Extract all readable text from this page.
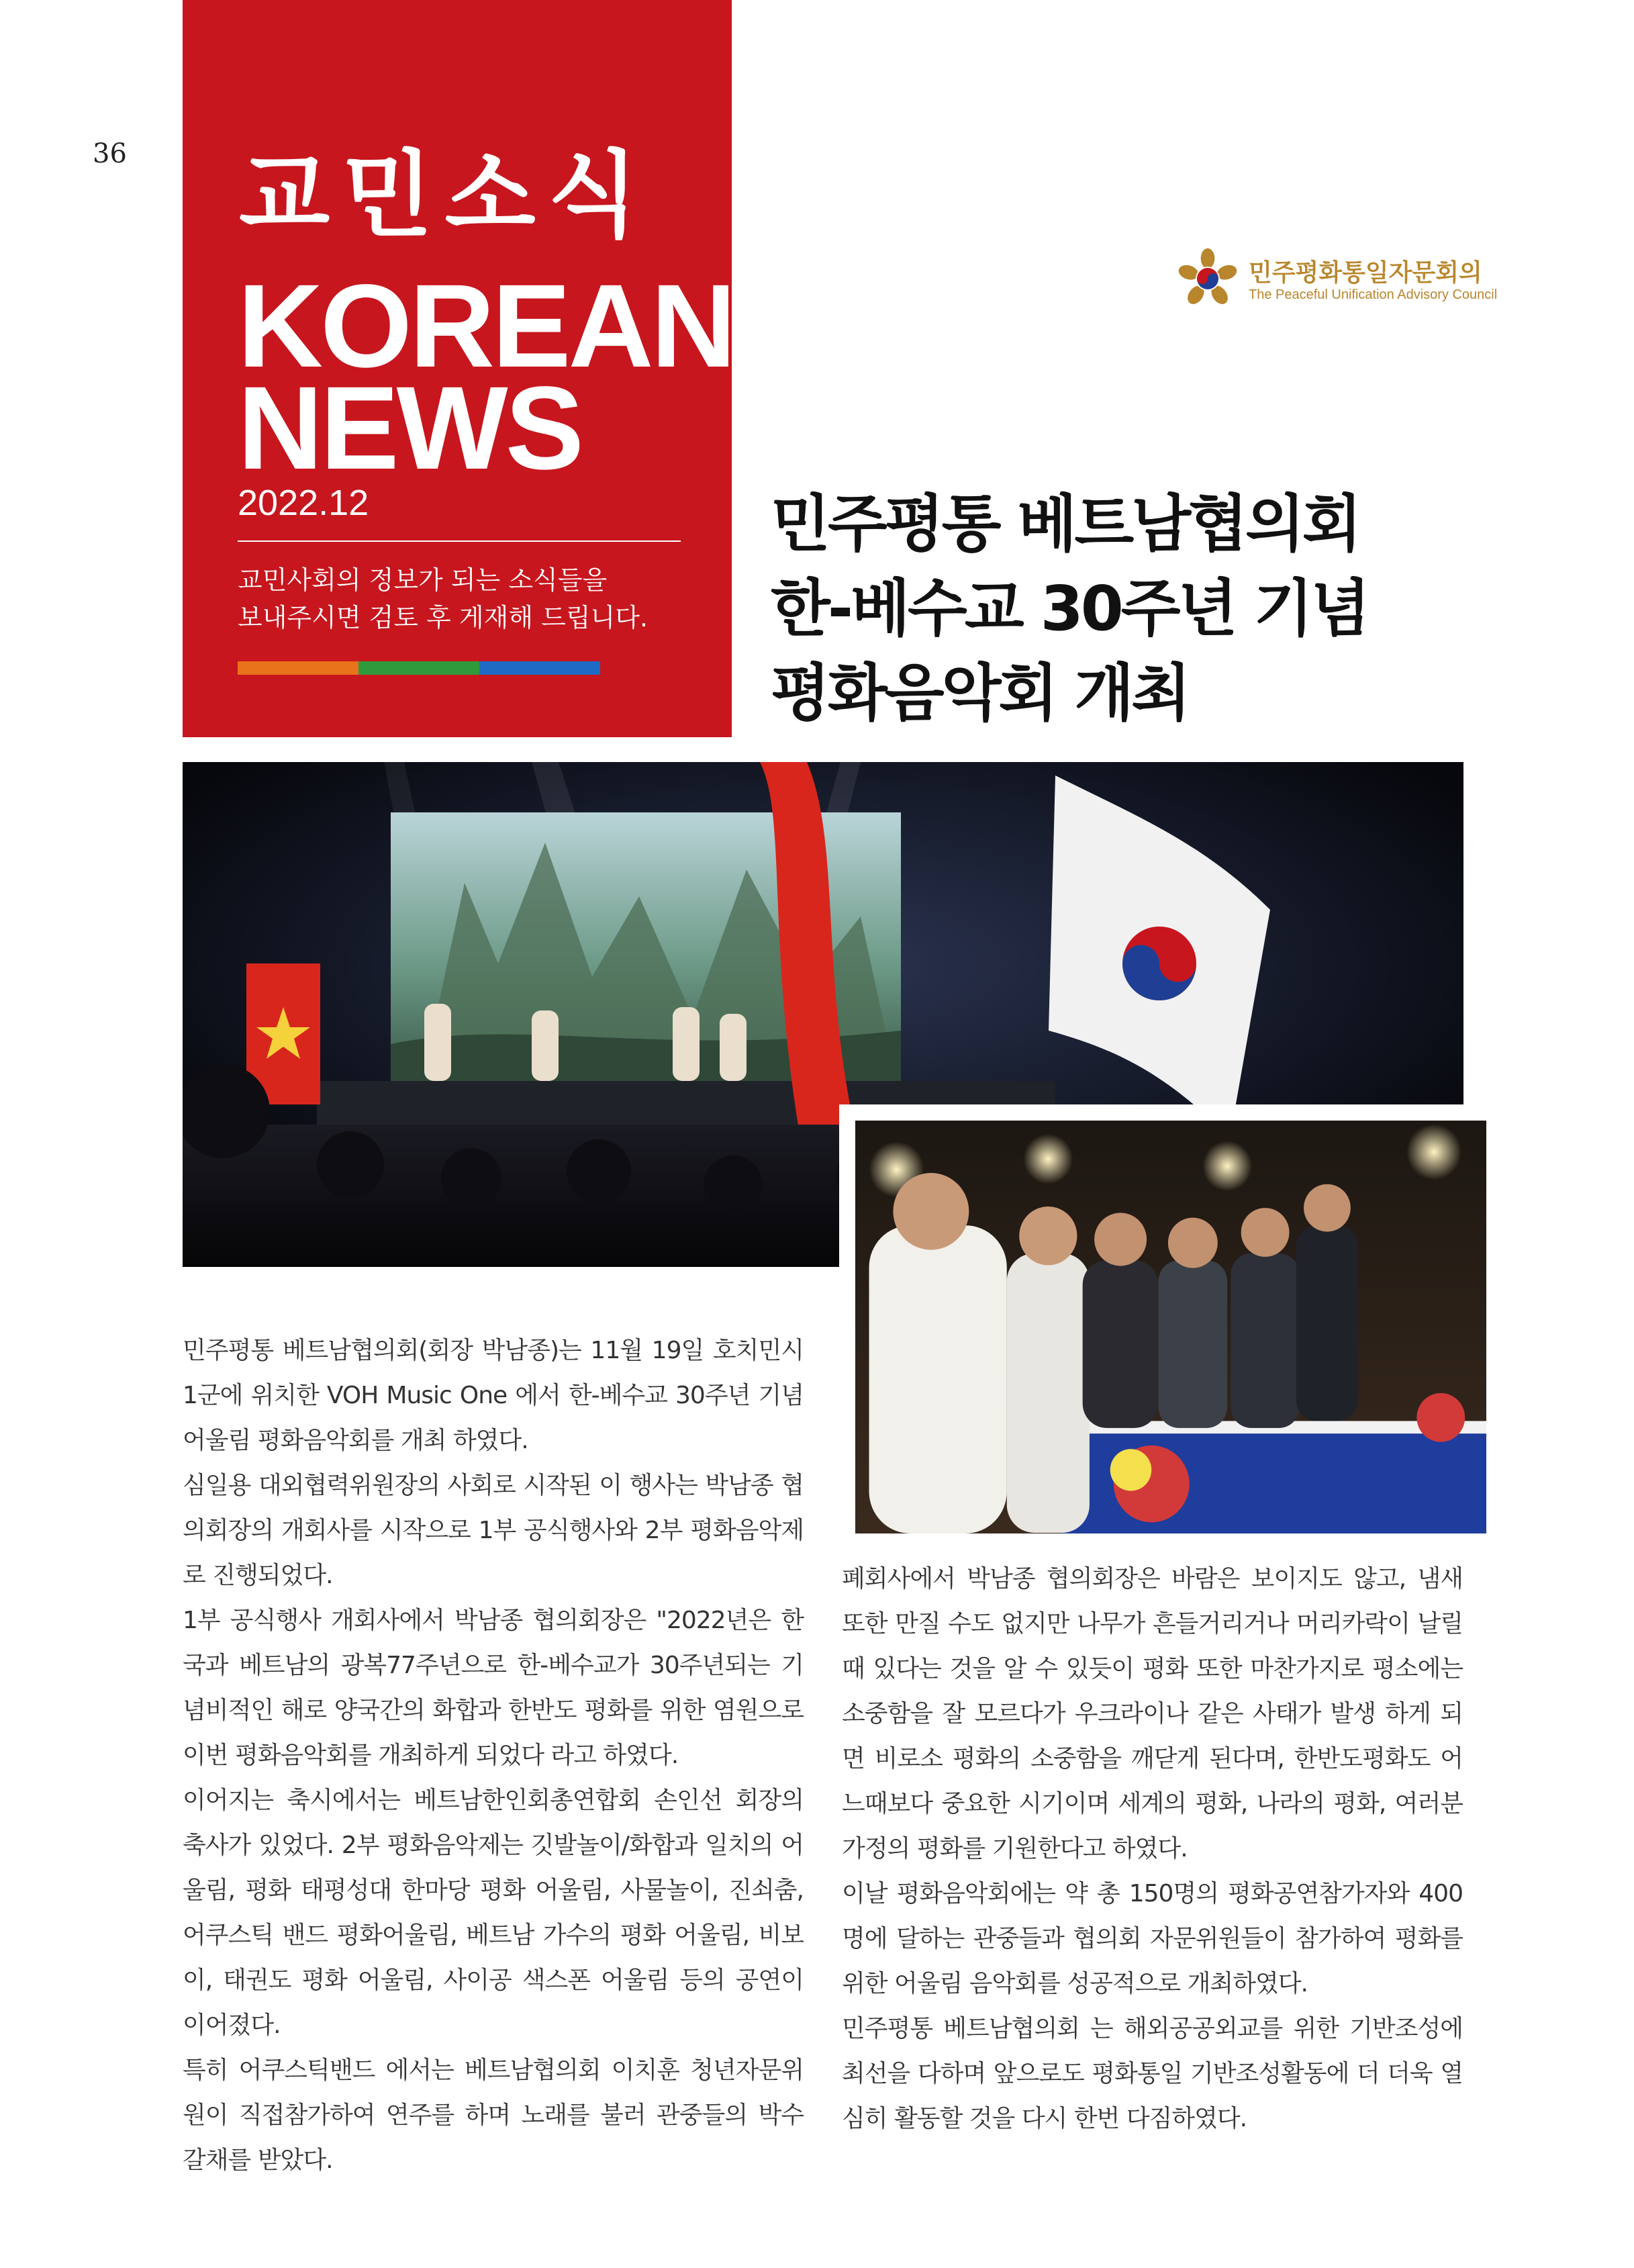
36 교민소식
KOREAN
NEWS
2022.12
교민사회의 정보가 되는 소식들을
보내주시면 검토 후 게재해 드립니다.
민주평화통일자문회의
The Peaceful Unification Advisory Council
민주평통 베트남협의회
한-베수교 30주년 기념
평화음악회 개최

민주평통 베트남협의회(회장 박남종)는 11월 19일 호치민시 1군에 위치한 VOH Music One 에서 한-베수교 30주년 기념 어울림 평화음악회를 개최 하였다.

심일용 대외협력위원장의 사회로 시작된 이 행사는 박남종 협의회장의 개회사를 시작으로 1부 공식행사와 2부 평화음악제로 진행되었다.

1부 공식행사 개회사에서 박남종 협의회장은 "2022년은 한국과 베트남의 광복77주년으로 한-베수교가 30주년되는 기념비적인 해로 양국간의 화합과 한반도 평화를 위한 염원으로 이번 평화음악회를 개최하게 되었다 라고 하였다.

이어지는 축시에서는 베트남한인회총연합회 손인선 회장의 축사가 있었다. 2부 평화음악제는 깃발놀이/화합과 일치의 어울림, 평화 태평성대 한마당 평화 어울림, 사물놀이, 진쇠춤, 어쿠스틱 밴드 평화어울림, 베트남 가수의 평화 어울림, 비보이, 태권도 평화 어울림, 사이공 색스폰 어울림 등의 공연이 이어졌다.

특히 어쿠스틱밴드 에서는 베트남협의회 이치훈 청년자문위원이 직접참가하여 연주를 하며 노래를 불러 관중들의 박수 갈채를 받았다.

폐회사에서 박남종 협의회장은 바람은 보이지도 않고, 냄새 또한 만질 수도 없지만 나무가 흔들거리거나 머리카락이 날릴 때 있다는 것을 알 수 있듯이 평화 또한 마찬가지로 평소에는 소중함을 잘 모르다가 우크라이나 같은 사태가 발생 하게 되면 비로소 평화의 소중함을 깨닫게 된다며, 한반도평화도 어느때보다 중요한 시기이며 세계의 평화, 나라의 평화, 여러분 가정의 평화를 기원한다고 하였다.

이날 평화음악회에는 약 총 150명의 평화공연참가자와 400명에 달하는 관중들과 협의회 자문위원들이 참가하여 평화를 위한 어울림 음악회를 성공적으로 개최하였다.

민주평통 베트남협의회 는 해외공공외교를 위한 기반조성에 최선을 다하며 앞으로도 평화통일 기반조성활동에 더 더욱 열심히 활동할 것을 다시 한번 다짐하였다.
